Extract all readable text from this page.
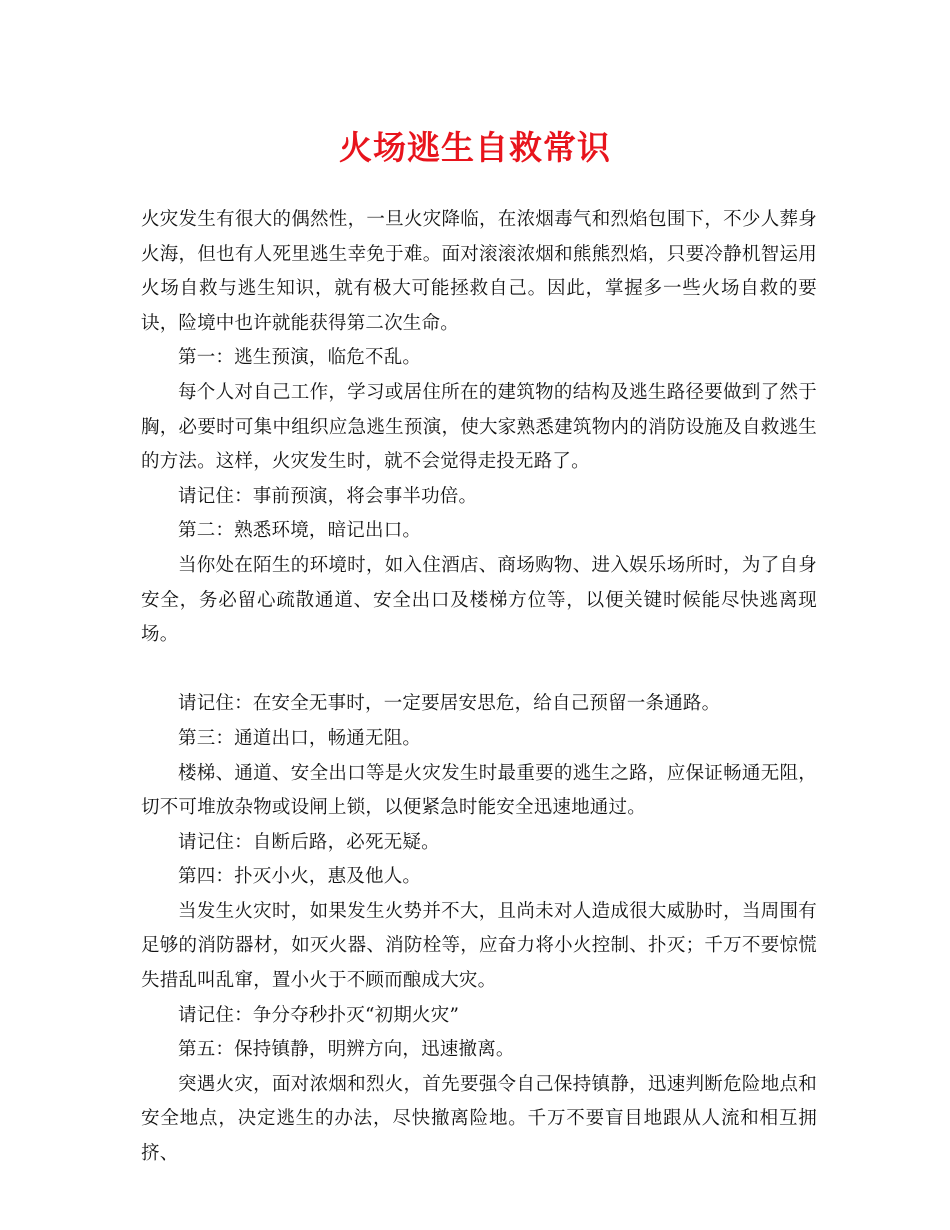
火场逃生自救常识

火灾发生有很大的偶然性，一旦火灾降临，在浓烟毒气和烈焰包围下，不少人葬身火海，但也有人死里逃生幸免于难。面对滚滚浓烟和熊熊烈焰，只要冷静机智运用火场自救与逃生知识，就有极大可能拯救自己。因此，掌握多一些火场自救的要诀，险境中也许就能获得第二次生命。

第一：逃生预演，临危不乱。

每个人对自己工作，学习或居住所在的建筑物的结构及逃生路径要做到了然于胸，必要时可集中组织应急逃生预演，使大家熟悉建筑物内的消防设施及自救逃生的方法。这样，火灾发生时，就不会觉得走投无路了。

请记住：事前预演，将会事半功倍。

第二：熟悉环境，暗记出口。

当你处在陌生的环境时，如入住酒店、商场购物、进入娱乐场所时，为了自身安全，务必留心疏散通道、安全出口及楼梯方位等，以便关键时候能尽快逃离现场。

请记住：在安全无事时，一定要居安思危，给自己预留一条通路。

第三：通道出口，畅通无阻。

楼梯、通道、安全出口等是火灾发生时最重要的逃生之路，应保证畅通无阻，切不可堆放杂物或设闸上锁，以便紧急时能安全迅速地通过。

请记住：自断后路，必死无疑。

第四：扑灭小火，惠及他人。

当发生火灾时，如果发生火势并不大，且尚未对人造成很大威胁时，当周围有足够的消防器材，如灭火器、消防栓等，应奋力将小火控制、扑灭；千万不要惊慌失措乱叫乱窜，置小火于不顾而酿成大灾。

请记住：争分夺秒扑灭“初期火灾”

第五：保持镇静，明辨方向，迅速撤离。

突遇火灾，面对浓烟和烈火，首先要强令自己保持镇静，迅速判断危险地点和安全地点，决定逃生的办法，尽快撤离险地。千万不要盲目地跟从人流和相互拥挤、
